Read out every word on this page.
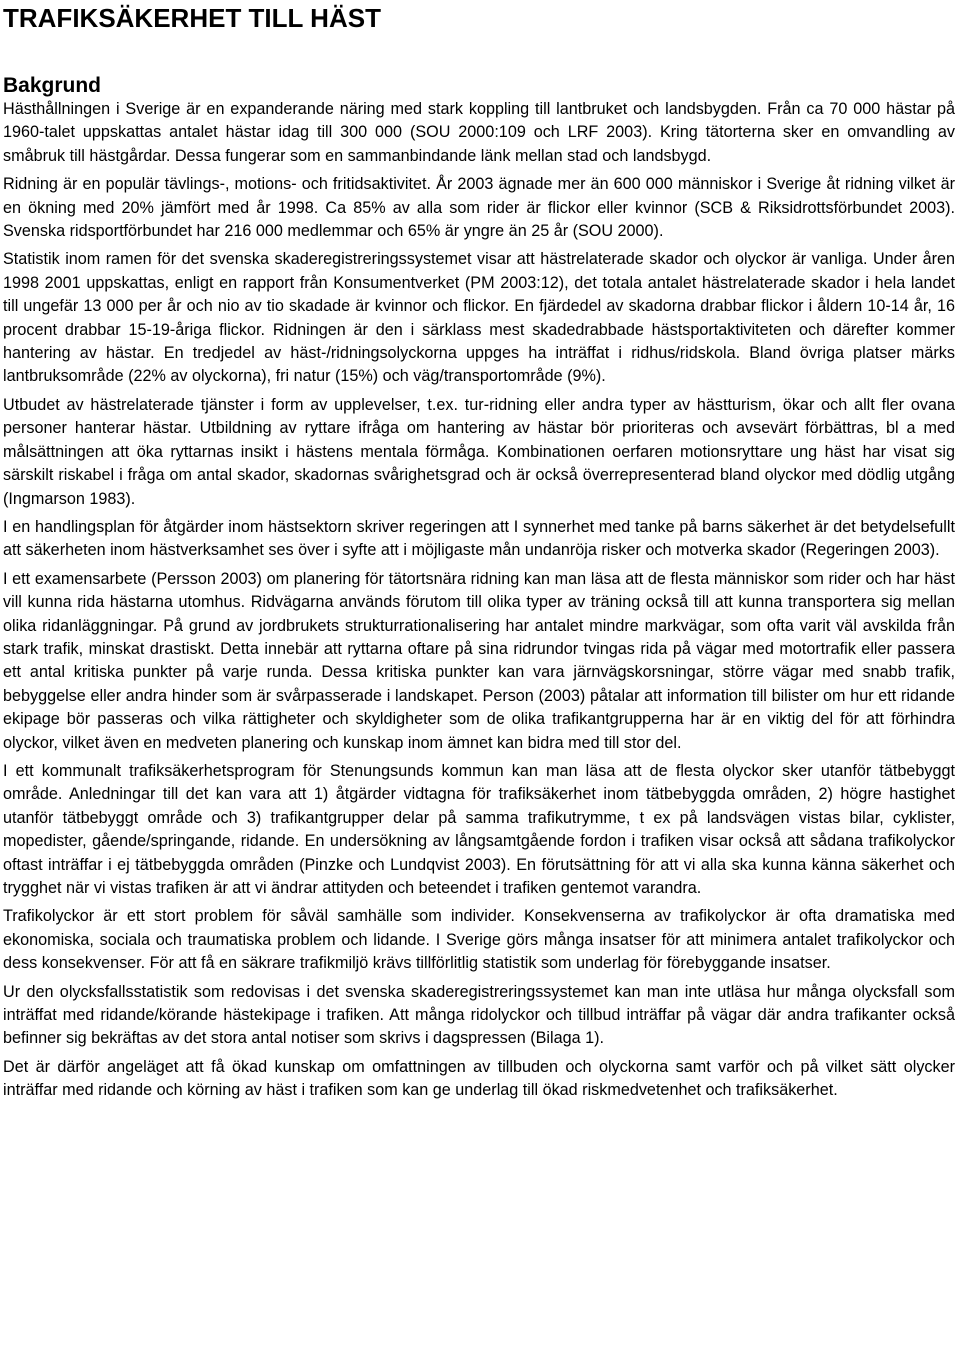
TRAFIKSÄKERHET TILL HÄST
Bakgrund

Hästhållningen i Sverige är en expanderande näring med stark koppling till lantbruket och landsbygden. Från ca 70 000 hästar på 1960-talet uppskattas antalet hästar idag till 300 000 (SOU 2000:109 och LRF 2003). Kring tätorterna sker en omvandling av småbruk till hästgårdar. Dessa fungerar som en sammanbindande länk mellan stad och landsbygd.

Ridning är en populär tävlings-, motions- och fritidsaktivitet. År 2003 ägnade mer än 600 000 människor i Sverige åt ridning vilket är en ökning med 20% jämfört med år 1998. Ca 85% av alla som rider är flickor eller kvinnor (SCB & Riksidrottsförbundet 2003). Svenska ridsportförbundet har 216 000 medlemmar och 65% är yngre än 25 år (SOU 2000).

Statistik inom ramen för det svenska skaderegistreringssystemet visar att hästrelaterade skador och olyckor är vanliga. Under åren 1998 2001 uppskattas, enligt en rapport från Konsumentverket (PM 2003:12), det totala antalet hästrelaterade skador i hela landet till ungefär 13 000 per år och nio av tio skadade är kvinnor och flickor. En fjärdedel av skadorna drabbar flickor i åldern 10-14 år, 16 procent drabbar 15-19-åriga flickor. Ridningen är den i särklass mest skadedrabbade hästsportaktiviteten och därefter kommer hantering av hästar. En tredjedel av häst-/ridningsolyckorna uppges ha inträffat i ridhus/ridskola. Bland övriga platser märks lantbruksområde (22% av olyckorna), fri natur (15%) och väg/transportområde (9%).

Utbudet av hästrelaterade tjänster i form av upplevelser, t.ex. tur-ridning eller andra typer av hästturism, ökar och allt fler ovana personer hanterar hästar. Utbildning av ryttare ifråga om hantering av hästar bör prioriteras och avsevärt förbättras, bl a med målsättningen att öka ryttarnas insikt i hästens mentala förmåga. Kombinationen oerfaren motionsryttare ung häst har visat sig särskilt riskabel i fråga om antal skador, skadornas svårighetsgrad och är också överrepresenterad bland olyckor med dödlig utgång (Ingmarson 1983).

I en handlingsplan för åtgärder inom hästsektorn skriver regeringen att I synnerhet med tanke på barns säkerhet är det betydelsefullt att säkerheten inom hästverksamhet ses över i syfte att i möjligaste mån undanröja risker och motverka skador (Regeringen 2003).

I ett examensarbete (Persson 2003) om planering för tätortsnära ridning kan man läsa att de flesta människor som rider och har häst vill kunna rida hästarna utomhus. Ridvägarna används förutom till olika typer av träning också till att kunna transportera sig mellan olika ridanläggningar. På grund av jordbrukets strukturrationalisering har antalet mindre markvägar, som ofta varit väl avskilda från stark trafik, minskat drastiskt. Detta innebär att ryttarna oftare på sina ridrundor tvingas rida på vägar med motortrafik eller passera ett antal kritiska punkter på varje runda. Dessa kritiska punkter kan vara järnvägskorsningar, större vägar med snabb trafik, bebyggelse eller andra hinder som är svårpasserade i landskapet. Person (2003) påtalar att information till bilister om hur ett ridande ekipage bör passeras och vilka rättigheter och skyldigheter som de olika trafikantgrupperna har är en viktig del för att förhindra olyckor, vilket även en medveten planering och kunskap inom ämnet kan bidra med till stor del.

I ett kommunalt trafiksäkerhetsprogram för Stenungsunds kommun kan man läsa att de flesta olyckor sker utanför tätbebyggt område. Anledningar till det kan vara att 1) åtgärder vidtagna för trafiksäkerhet inom tätbebyggda områden, 2) högre hastighet utanför tätbebyggt område och 3) trafikantgrupper delar på samma trafikutrymme, t ex på landsvägen vistas bilar, cyklister, mopedister, gående/springande, ridande. En undersökning av långsamtgående fordon i trafiken visar också att sådana trafikolyckor oftast inträffar i ej tätbebyggda områden (Pinzke och Lundqvist 2003). En förutsättning för att vi alla ska kunna känna säkerhet och trygghet när vi vistas trafiken är att vi ändrar attityden och beteendet i trafiken gentemot varandra.

Trafikolyckor är ett stort problem för såväl samhälle som individer. Konsekvenserna av trafikolyckor är ofta dramatiska med ekonomiska, sociala och traumatiska problem och lidande. I Sverige görs många insatser för att minimera antalet trafikolyckor och dess konsekvenser. För att få en säkrare trafikmiljö krävs tillförlitlig statistik som underlag för förebyggande insatser.

Ur den olycksfallsstatistik som redovisas i det svenska skaderegistreringssystemet kan man inte utläsa hur många olycksfall som inträffat med ridande/körande hästekipage i trafiken. Att många ridolyckor och tillbud inträffar på vägar där andra trafikanter också befinner sig bekräftas av det stora antal notiser som skrivs i dagspressen (Bilaga 1).

Det är därför angeläget att få ökad kunskap om omfattningen av tillbuden och olyckorna samt varför och på vilket sätt olycker inträffar med ridande och körning av häst i trafiken som kan ge underlag till ökad riskmedvetenhet och trafiksäkerhet.
